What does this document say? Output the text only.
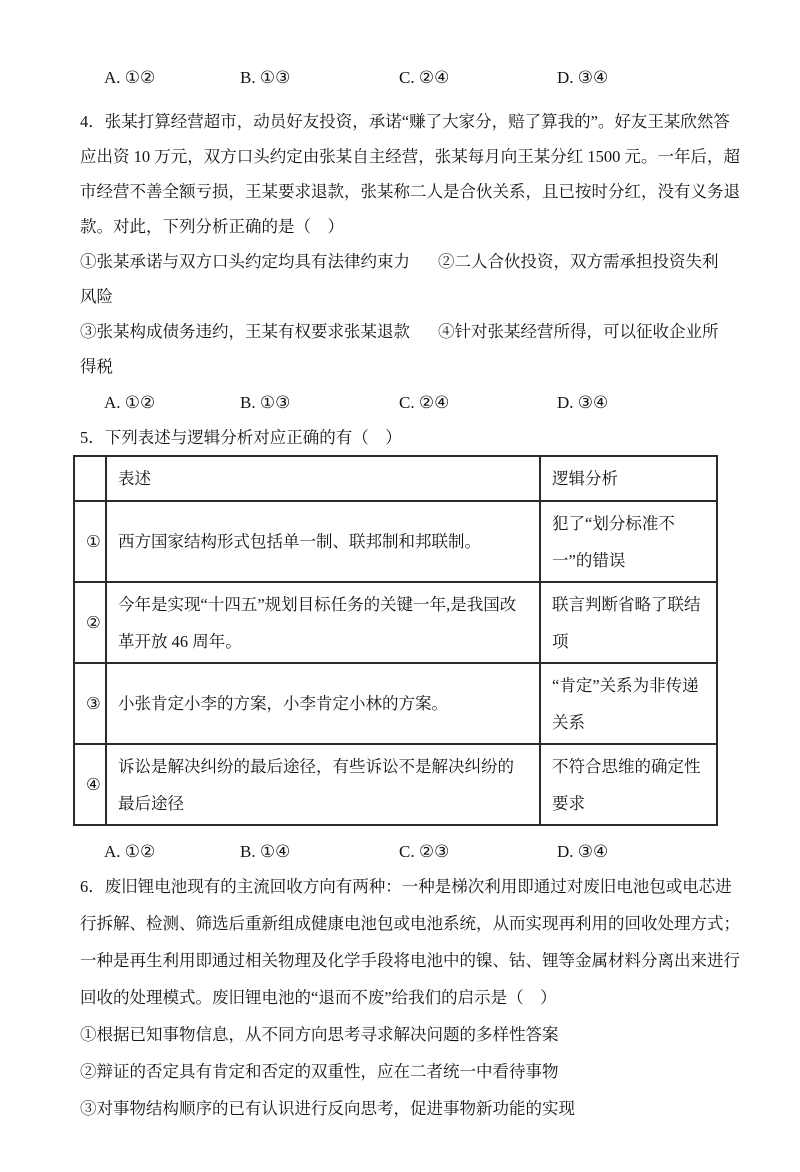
A. ①②	B. ①③	C. ②④	D. ③④
4．张某打算经营超市，动员好友投资，承诺“赚了大家分，赔了算我的”。好友王某欣然答
应出资 10 万元，双方口头约定由张某自主经营，张某每月向王某分红 1500 元。一年后，超
市经营不善全额亏损，王某要求退款，张某称二人是合伙关系，且已按时分红，没有义务退
款。对此，下列分析正确的是（　）
①张某承诺与双方口头约定均具有法律约束力 ②二人合伙投资，双方需承担投资失利
风险
③张某构成债务违约，王某有权要求张某退款 ④针对张某经营所得，可以征收企业所
得税
A. ①②	B. ①③	C. ②④	D. ③④
5．下列表述与逻辑分析对应正确的有（　）
	表述	逻辑分析
①	西方国家结构形式包括单一制、联邦制和邦联制。	犯了“划分标准不一”的错误
②	今年是实现“十四五”规划目标任务的关键一年,是我国改革开放 46 周年。	联言判断省略了联结项
③	小张肯定小李的方案，小李肯定小林的方案。	“肯定”关系为非传递关系
④	诉讼是解决纠纷的最后途径，有些诉讼不是解决纠纷的最后途径	不符合思维的确定性要求
A. ①②	B. ①④	C. ②③	D. ③④
6．废旧锂电池现有的主流回收方向有两种：一种是梯次利用即通过对废旧电池包或电芯进
行拆解、检测、筛选后重新组成健康电池包或电池系统，从而实现再利用的回收处理方式；
一种是再生利用即通过相关物理及化学手段将电池中的镍、钴、锂等金属材料分离出来进行
回收的处理模式。废旧锂电池的“退而不废”给我们的启示是（　）
①根据已知事物信息，从不同方向思考寻求解决问题的多样性答案
②辩证的否定具有肯定和否定的双重性，应在二者统一中看待事物
③对事物结构顺序的已有认识进行反向思考，促进事物新功能的实现
